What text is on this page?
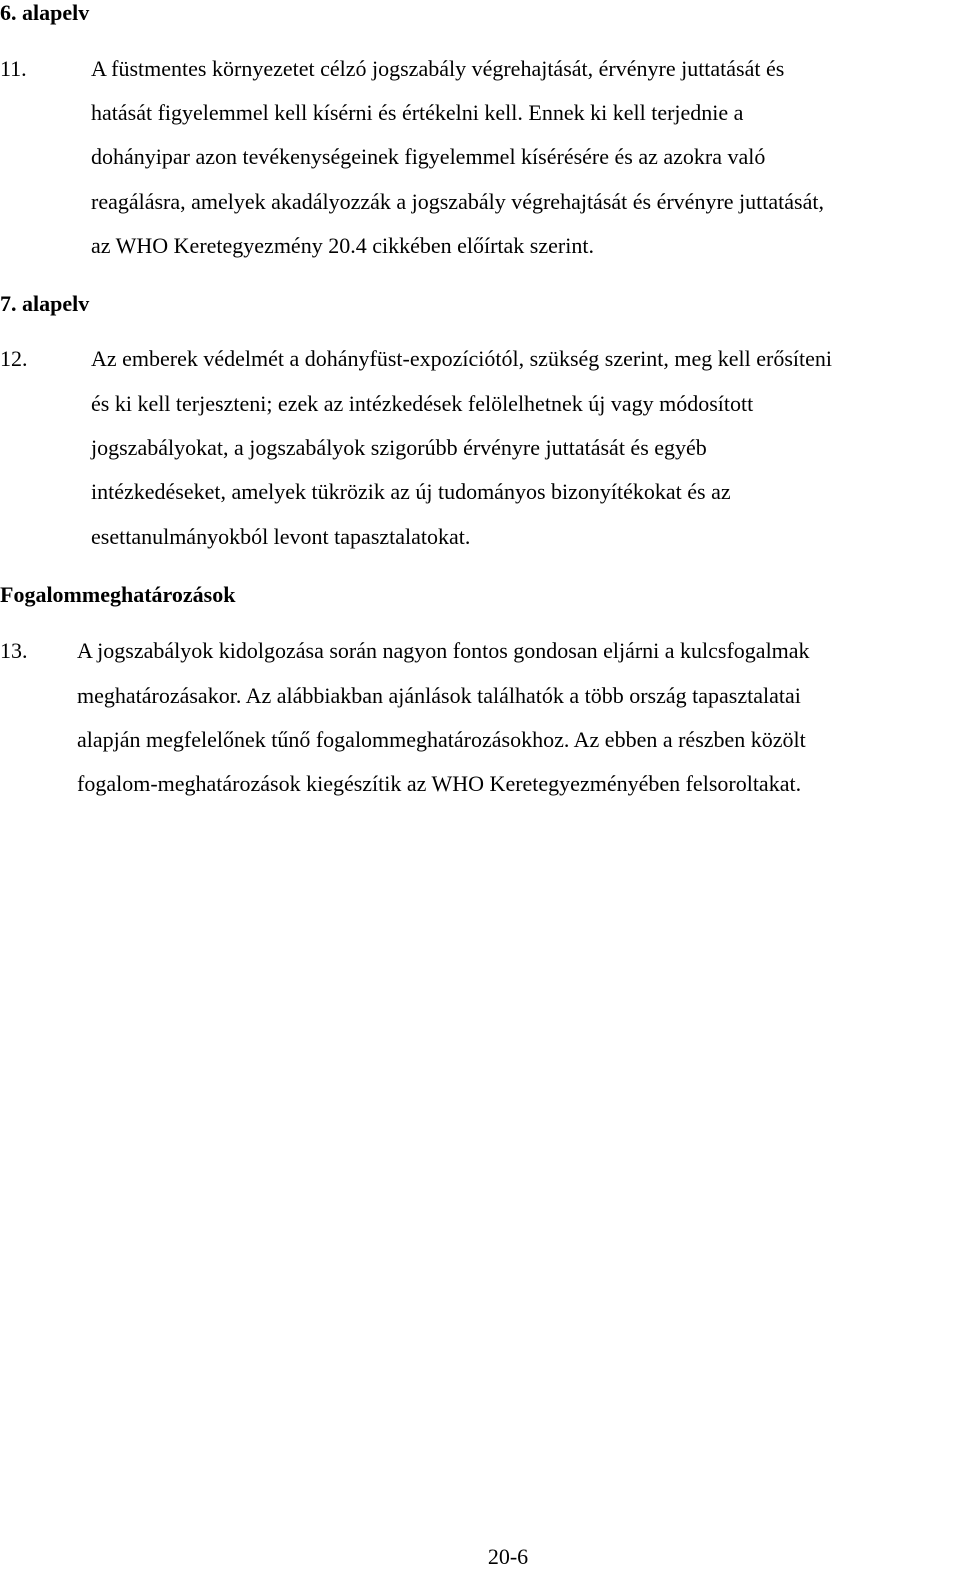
6. alapelv

11.	A füstmentes környezetet célzó jogszabály végrehajtását, érvényre juttatását és

hatását figyelemmel kell kísérni és értékelni kell. Ennek ki kell terjednie a

dohányipar azon tevékenységeinek figyelemmel kísérésére és az azokra való

reagálásra, amelyek akadályozzák a jogszabály végrehajtását és érvényre juttatását,

az WHO Keretegyezmény 20.4 cikkében előírtak szerint.

7. alapelv

12.	Az emberek védelmét a dohányfüst-expozíciótól, szükség szerint, meg kell erősíteni

és ki kell terjeszteni; ezek az intézkedések felölelhetnek új vagy módosított

jogszabályokat, a jogszabályok szigorúbb érvényre juttatását és egyéb

intézkedéseket, amelyek tükrözik az új tudományos bizonyítékokat és az

esettanulmányokból levont tapasztalatokat.

Fogalommeghatározások

13. A jogszabályok kidolgozása során nagyon fontos gondosan eljárni a kulcsfogalmak

meghatározásakor. Az alábbiakban ajánlások találhatók a több ország tapasztalatai

alapján megfelelőnek tűnő fogalommeghatározásokhoz. Az ebben a részben közölt

fogalom-meghatározások kiegészítik az WHO Keretegyezményében felsoroltakat.

20-6
